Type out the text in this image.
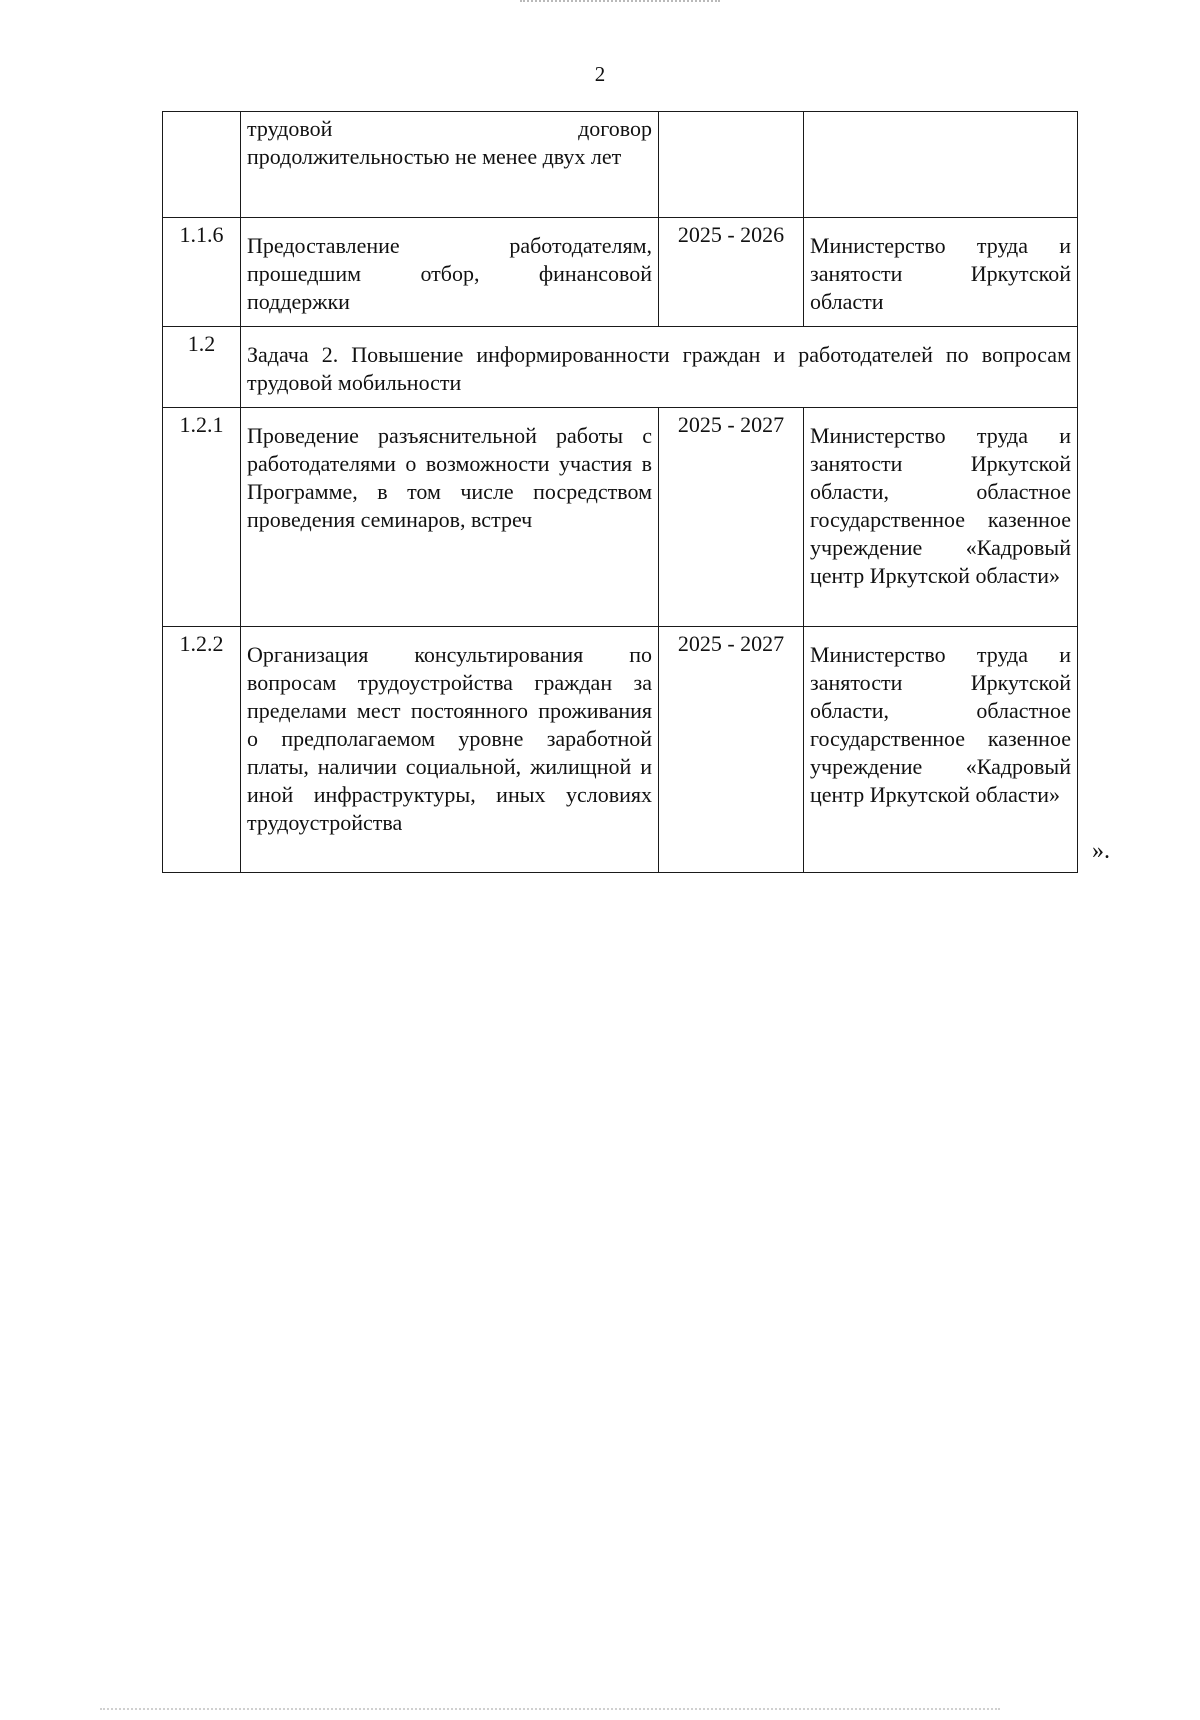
2

	трудовой договор
продолжительностью не менее двух лет		
1.1.6	Предоставление работодателям, прошедшим отбор, финансовой поддержки	2025 - 2026	Министерство труда и занятости Иркутской области
1.2	Задача 2. Повышение информированности граждан и работодателей по вопросам трудовой мобильности		
1.2.1	Проведение разъяснительной работы с работодателями о возможности участия в Программе, в том числе посредством проведения семинаров, встреч	2025 - 2027	Министерство труда и занятости Иркутской области, областное государственное казенное учреждение «Кадровый центр Иркутской области»
1.2.2	Организация консультирования по вопросам трудоустройства граждан за пределами мест постоянного проживания о предполагаемом уровне заработной платы, наличии социальной, жилищной и иной инфраструктуры, иных условиях трудоустройства	2025 - 2027	Министерство труда и занятости Иркутской области, областное государственное казенное учреждение «Кадровый центр Иркутской области»
».
